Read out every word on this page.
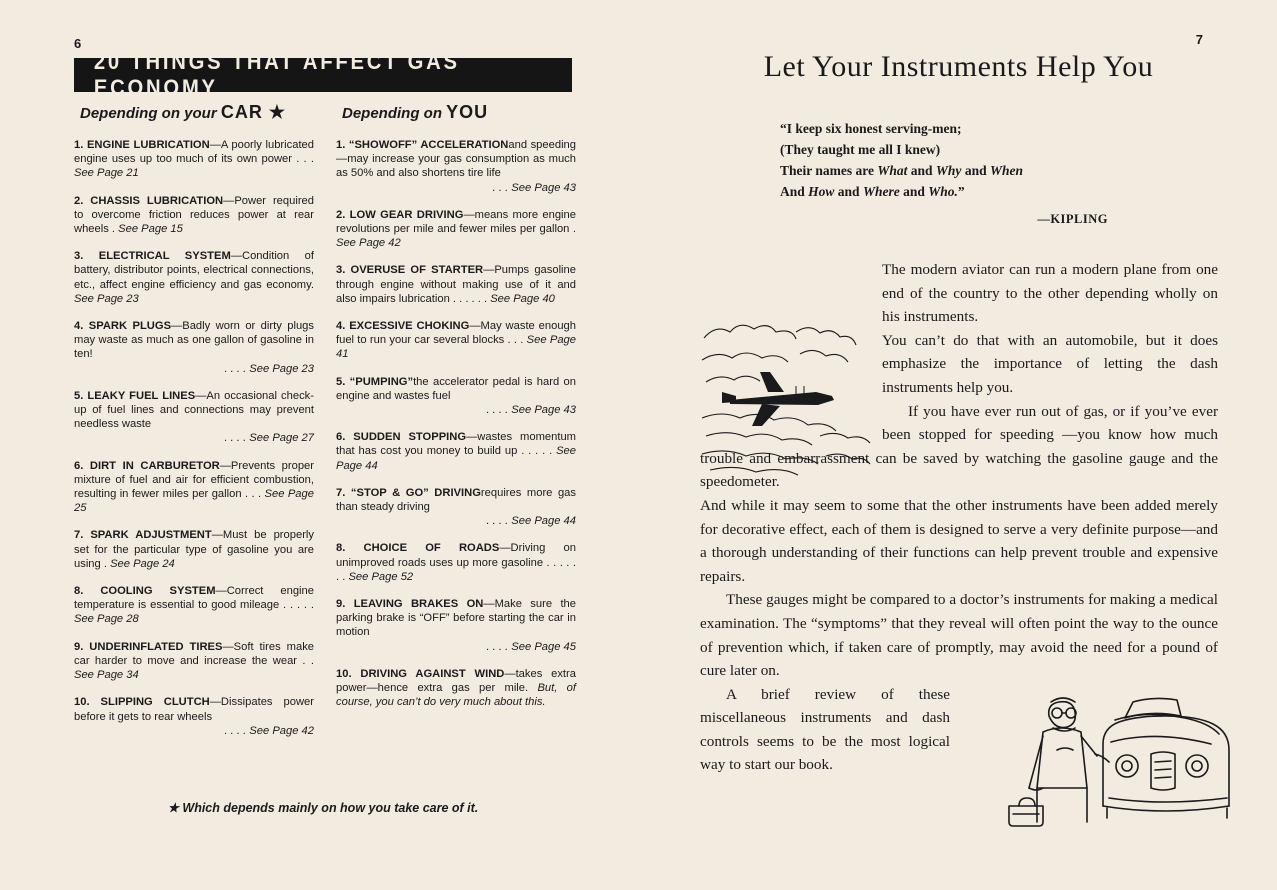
6
20 THINGS THAT AFFECT GAS ECONOMY
Depending on your CAR ★	Depending on YOU
1. ENGINE LUBRICATION—A poorly lubricated engine uses up too much of its own power . . . See Page 21
2. CHASSIS LUBRICATION—Power required to overcome friction reduces power at rear wheels . See Page 15
3. ELECTRICAL SYSTEM—Condition of battery, distributor points, electrical connections, etc., affect engine efficiency and gas economy. See Page 23
4. SPARK PLUGS—Badly worn or dirty plugs may waste as much as one gallon of gasoline in ten!
. . . . See Page 23
5. LEAKY FUEL LINES—An occasional check-up of fuel lines and connections may prevent needless waste
. . . . See Page 27
6. DIRT IN CARBURETOR—Prevents proper mixture of fuel and air for efficient combustion, resulting in fewer miles per gallon . . . See Page 25
7. SPARK ADJUSTMENT—Must be properly set for the particular type of gasoline you are using . See Page 24
8. COOLING SYSTEM—Correct engine temperature is essential to good mileage . . . . . See Page 28
9. UNDERINFLATED TIRES—Soft tires make car harder to move and increase the wear . . See Page 34
10. SLIPPING CLUTCH—Dissipates power before it gets to rear wheels
. . . . See Page 42
1. “SHOWOFF” ACCELERATIONand speeding—may increase your gas consumption as much as 50% and also shortens tire life
. . . See Page 43
2. LOW GEAR DRIVING—means more engine revolutions per mile and fewer miles per gallon . See Page 42
3. OVERUSE OF STARTER—Pumps gasoline through engine without making use of it and also impairs lubrication . . . . . . See Page 40
4. EXCESSIVE CHOKING—May waste enough fuel to run your car several blocks . . . See Page 41
5. “PUMPING”the accelerator pedal is hard on engine and wastes fuel
. . . . See Page 43
6. SUDDEN STOPPING—wastes momentum that has cost you money to build up . . . . . See Page 44
7. “STOP & GO” DRIVINGrequires more gas than steady driving
. . . . See Page 44
8. CHOICE OF ROADS—Driving on unimproved roads uses up more gasoline . . . . . . . See Page 52
9. LEAVING BRAKES ON—Make sure the parking brake is “OFF” before starting the car in motion
. . . . See Page 45
10. DRIVING AGAINST WIND—takes extra power—hence extra gas per mile. But, of course, you can’t do very much about this.
★ Which depends mainly on how you take care of it.
7
Let Your Instruments Help You
“I keep six honest serving-men;
(They taught me all I knew)
Their names are What and Why and When
And How and Where and Who.”
—KIPLING

The modern aviator can run a modern plane from one end of the country to the other depending wholly on his instruments.

You can’t do that with an automobile, but it does emphasize the importance of letting the dash instruments help you.

If you have ever run out of gas, or if you’ve ever been stopped for speeding —you know how much trouble and embarrassment can be saved by watching the gasoline gauge and the speedometer.

And while it may seem to some that the other instruments have been added merely for decorative effect, each of them is designed to serve a very definite purpose—and a thorough understanding of their functions can help prevent trouble and expensive repairs.

These gauges might be compared to a doctor’s instruments for making a medical examination. The “symptoms” that they reveal will often point the way to the ounce of prevention which, if taken care of promptly, may avoid the need for a pound of cure later on.

A brief review of these miscellaneous instruments and dash controls seems to be the most logical way to start our book.
